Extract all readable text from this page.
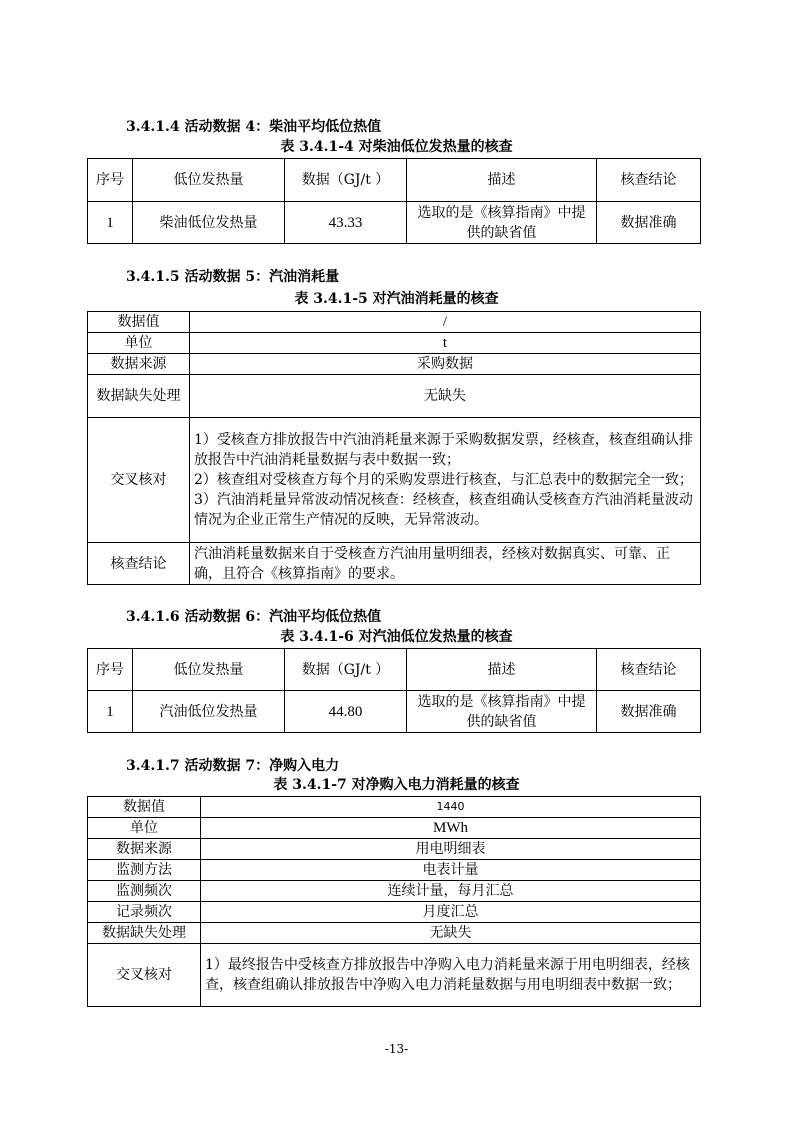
3.4.1.4 活动数据 4：柴油平均低位热值
表 3.4.1-4 对柴油低位发热量的核查
序号	低位发热量	数据（GJ/t ）	描述	核查结论
1	柴油低位发热量	43.33	选取的是《核算指南》中提供的缺省值	数据准确
3.4.1.5 活动数据 5：汽油消耗量
表 3.4.1-5 对汽油消耗量的核查
数据值	/
单位	t
数据来源	采购数据
数据缺失处理	无缺失
交叉核对	1）受核查方排放报告中汽油消耗量来源于采购数据发票，经核查，核查组确认排放报告中汽油消耗量数据与表中数据一致；
2）核查组对受核查方每个月的采购发票进行核查，与汇总表中的数据完全一致；
3）汽油消耗量异常波动情况核查：经核查，核查组确认受核查方汽油消耗量波动情况为企业正常生产情况的反映，无异常波动。

核查结论	汽油消耗量数据来自于受核查方汽油用量明细表，经核对数据真实、可靠、正确，且符合《核算指南》的要求。
3.4.1.6 活动数据 6：汽油平均低位热值
表 3.4.1-6 对汽油低位发热量的核查
序号	低位发热量	数据（GJ/t ）	描述	核查结论
1	汽油低位发热量	44.80	选取的是《核算指南》中提供的缺省值	数据准确
3.4.1.7 活动数据 7：净购入电力
表 3.4.1-7 对净购入电力消耗量的核查
数据值	1440
单位	MWh
数据来源	用电明细表
监测方法	电表计量
监测频次	连续计量，每月汇总
记录频次	月度汇总
数据缺失处理	无缺失
交叉核对	1）最终报告中受核查方排放报告中净购入电力消耗量来源于用电明细表，经核查，核查组确认排放报告中净购入电力消耗量数据与用电明细表中数据一致；
-13-
